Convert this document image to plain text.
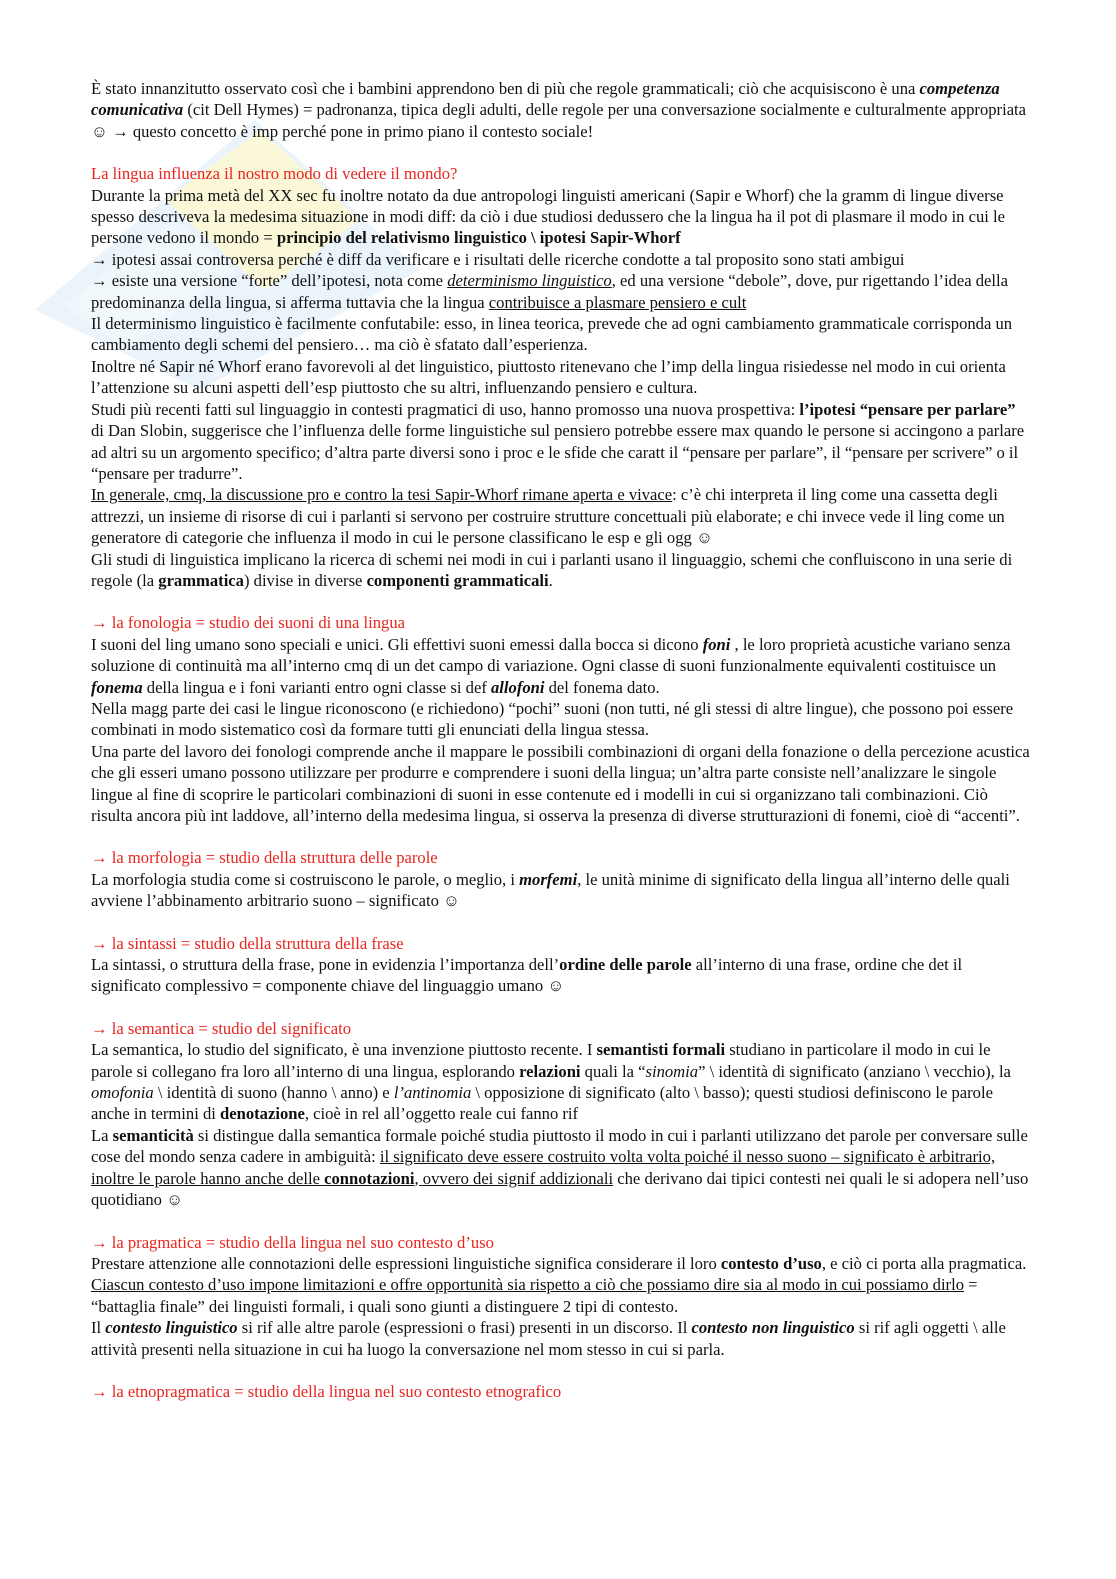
È stato innanzitutto osservato così che i bambini apprendono ben di più che regole grammaticali; ciò che acquisiscono è una competenza comunicativa (cit Dell Hymes) = padronanza, tipica degli adulti, delle regole per una conversazione socialmente e culturalmente appropriata ☺ → questo concetto è imp perché pone in primo piano il contesto sociale!

La lingua influenza il nostro modo di vedere il mondo?

Durante la prima metà del XX sec fu inoltre notato da due antropologi linguisti americani (Sapir e Whorf) che la gramm di lingue diverse spesso descriveva la medesima situazione in modi diff: da ciò i due studiosi dedussero che la lingua ha il pot di plasmare il modo in cui le persone vedono il mondo = principio del relativismo linguistico \ ipotesi Sapir-Whorf

→ ipotesi assai controversa perché è diff da verificare e i risultati delle ricerche condotte a tal proposito sono stati ambigui

→ esiste una versione “forte” dell’ipotesi, nota come determinismo linguistico, ed una versione “debole”, dove, pur rigettando l’idea della predominanza della lingua, si afferma tuttavia che la lingua contribuisce a plasmare pensiero e cult

Il determinismo linguistico è facilmente confutabile: esso, in linea teorica, prevede che ad ogni cambiamento grammaticale corrisponda un cambiamento degli schemi del pensiero… ma ciò è sfatato dall’esperienza.

Inoltre né Sapir né Whorf erano favorevoli al det linguistico, piuttosto ritenevano che l’imp della lingua risiedesse nel modo in cui orienta l’attenzione su alcuni aspetti dell’esp piuttosto che su altri, influenzando pensiero e cultura.

Studi più recenti fatti sul linguaggio in contesti pragmatici di uso, hanno promosso una nuova prospettiva: l’ipotesi “pensare per parlare” di Dan Slobin, suggerisce che l’influenza delle forme linguistiche sul pensiero potrebbe essere max quando le persone si accingono a parlare ad altri su un argomento specifico; d’altra parte diversi sono i proc e le sfide che caratt il “pensare per parlare”, il “pensare per scrivere” o il “pensare per tradurre”.

In generale, cmq, la discussione pro e contro la tesi Sapir-Whorf rimane aperta e vivace: c’è chi interpreta il ling come una cassetta degli attrezzi, un insieme di risorse di cui i parlanti si servono per costruire strutture concettuali più elaborate; e chi invece vede il ling come un generatore di categorie che influenza il modo in cui le persone classificano le esp e gli ogg ☺

Gli studi di linguistica implicano la ricerca di schemi nei modi in cui i parlanti usano il linguaggio, schemi che confluiscono in una serie di regole (la grammatica) divise in diverse componenti grammaticali.

→ la fonologia = studio dei suoni di una lingua

I suoni del ling umano sono speciali e unici. Gli effettivi suoni emessi dalla bocca si dicono foni , le loro proprietà acustiche variano senza soluzione di continuità ma all’interno cmq di un det campo di variazione. Ogni classe di suoni funzionalmente equivalenti costituisce un fonema della lingua e i foni varianti entro ogni classe si def allofoni del fonema dato.

Nella magg parte dei casi le lingue riconoscono (e richiedono) “pochi” suoni (non tutti, né gli stessi di altre lingue), che possono poi essere combinati in modo sistematico così da formare tutti gli enunciati della lingua stessa.

Una parte del lavoro dei fonologi comprende anche il mappare le possibili combinazioni di organi della fonazione o della percezione acustica che gli esseri umano possono utilizzare per produrre e comprendere i suoni della lingua; un’altra parte consiste nell’analizzare le singole lingue al fine di scoprire le particolari combinazioni di suoni in esse contenute ed i modelli in cui si organizzano tali combinazioni. Ciò risulta ancora più int laddove, all’interno della medesima lingua, si osserva la presenza di diverse strutturazioni di fonemi, cioè di “accenti”.

→ la morfologia = studio della struttura delle parole

La morfologia studia come si costruiscono le parole, o meglio, i morfemi, le unità minime di significato della lingua all’interno delle quali avviene l’abbinamento arbitrario suono – significato ☺

→ la sintassi = studio della struttura della frase

La sintassi, o struttura della frase, pone in evidenzia l’importanza dell’ordine delle parole all’interno di una frase, ordine che det il significato complessivo = componente chiave del linguaggio umano ☺

→ la semantica = studio del significato

La semantica, lo studio del significato, è una invenzione piuttosto recente. I semantisti formali studiano in particolare il modo in cui le parole si collegano fra loro all’interno di una lingua, esplorando relazioni quali la “sinomia” \ identità di significato (anziano \ vecchio), la omofonia \ identità di suono (hanno \ anno) e l’antinomia \ opposizione di significato (alto \ basso); questi studiosi definiscono le parole anche in termini di denotazione, cioè in rel all’oggetto reale cui fanno rif

La semanticità si distingue dalla semantica formale poiché studia piuttosto il modo in cui i parlanti utilizzano det parole per conversare sulle cose del mondo senza cadere in ambiguità: il significato deve essere costruito volta volta poiché il nesso suono – significato è arbitrario, inoltre le parole hanno anche delle connotazioni, ovvero dei signif addizionali che derivano dai tipici contesti nei quali le si adopera nell’uso quotidiano ☺

→ la pragmatica = studio della lingua nel suo contesto d’uso

Prestare attenzione alle connotazioni delle espressioni linguistiche significa considerare il loro contesto d’uso, e ciò ci porta alla pragmatica. Ciascun contesto d’uso impone limitazioni e offre opportunità sia rispetto a ciò che possiamo dire sia al modo in cui possiamo dirlo = “battaglia finale” dei linguisti formali, i quali sono giunti a distinguere 2 tipi di contesto.

Il contesto linguistico si rif alle altre parole (espressioni o frasi) presenti in un discorso. Il contesto non linguistico si rif agli oggetti \ alle attività presenti nella situazione in cui ha luogo la conversazione nel mom stesso in cui si parla.

→ la etnopragmatica = studio della lingua nel suo contesto etnografico
